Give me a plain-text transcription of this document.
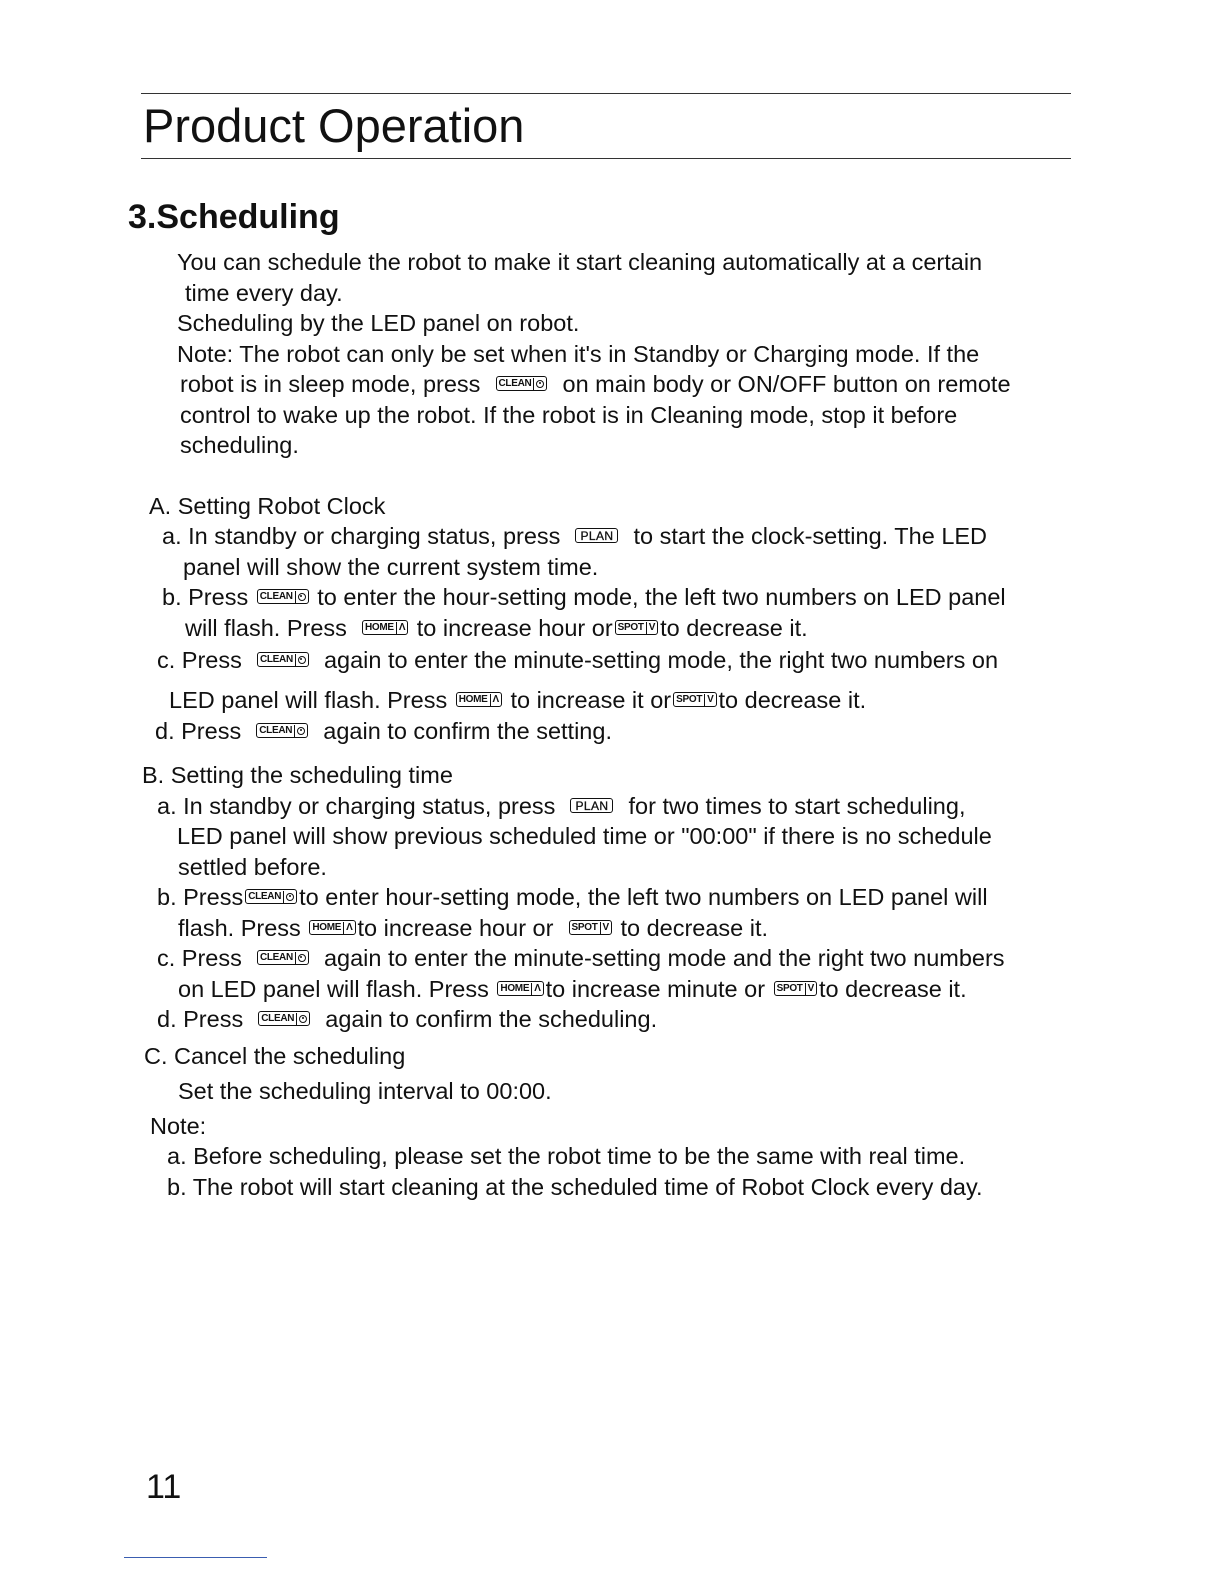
Product Operation
3.Scheduling
You can schedule the robot to make it start cleaning automatically at a certain
time every day.
Scheduling by the LED panel on robot.
Note: The robot can only be set when it's in Standby or Charging mode. If the
robot is in sleep mode, press CLEAN on main body or ON/OFF button on remote
control to wake up the robot. If the robot is in Cleaning mode, stop it before
scheduling.
A. Setting Robot Clock
a. In standby or charging status, press PLAN to start the clock-setting. The LED
panel will show the current system time.
b. Press CLEAN to enter the hour-setting mode, the left two numbers on LED panel
will flash. Press HOME Λ to increase hour or SPOT V to decrease it.
c. Press CLEAN again to enter the minute-setting mode, the right two numbers on
LED panel will flash. Press HOME Λ to increase it or SPOT V to decrease it.
d. Press CLEAN again to confirm the setting.
B. Setting the scheduling time
a. In standby or charging status, press PLAN for two times to start scheduling,
LED panel will show previous scheduled time or "00:00" if there is no schedule
settled before.
b. Press CLEAN to enter hour-setting mode, the left two numbers on LED panel will
flash. Press HOME Λ to increase hour or SPOT V to decrease it.
c. Press CLEAN again to enter the minute-setting mode and the right two numbers
on LED panel will flash. Press HOME Λ to increase minute or SPOT V to decrease it.
d. Press CLEAN again to confirm the scheduling.
C. Cancel the scheduling
Set the scheduling interval to 00:00.
Note:
a. Before scheduling, please set the robot time to be the same with real time.
b. The robot will start cleaning at the scheduled time of Robot Clock every day.
11
